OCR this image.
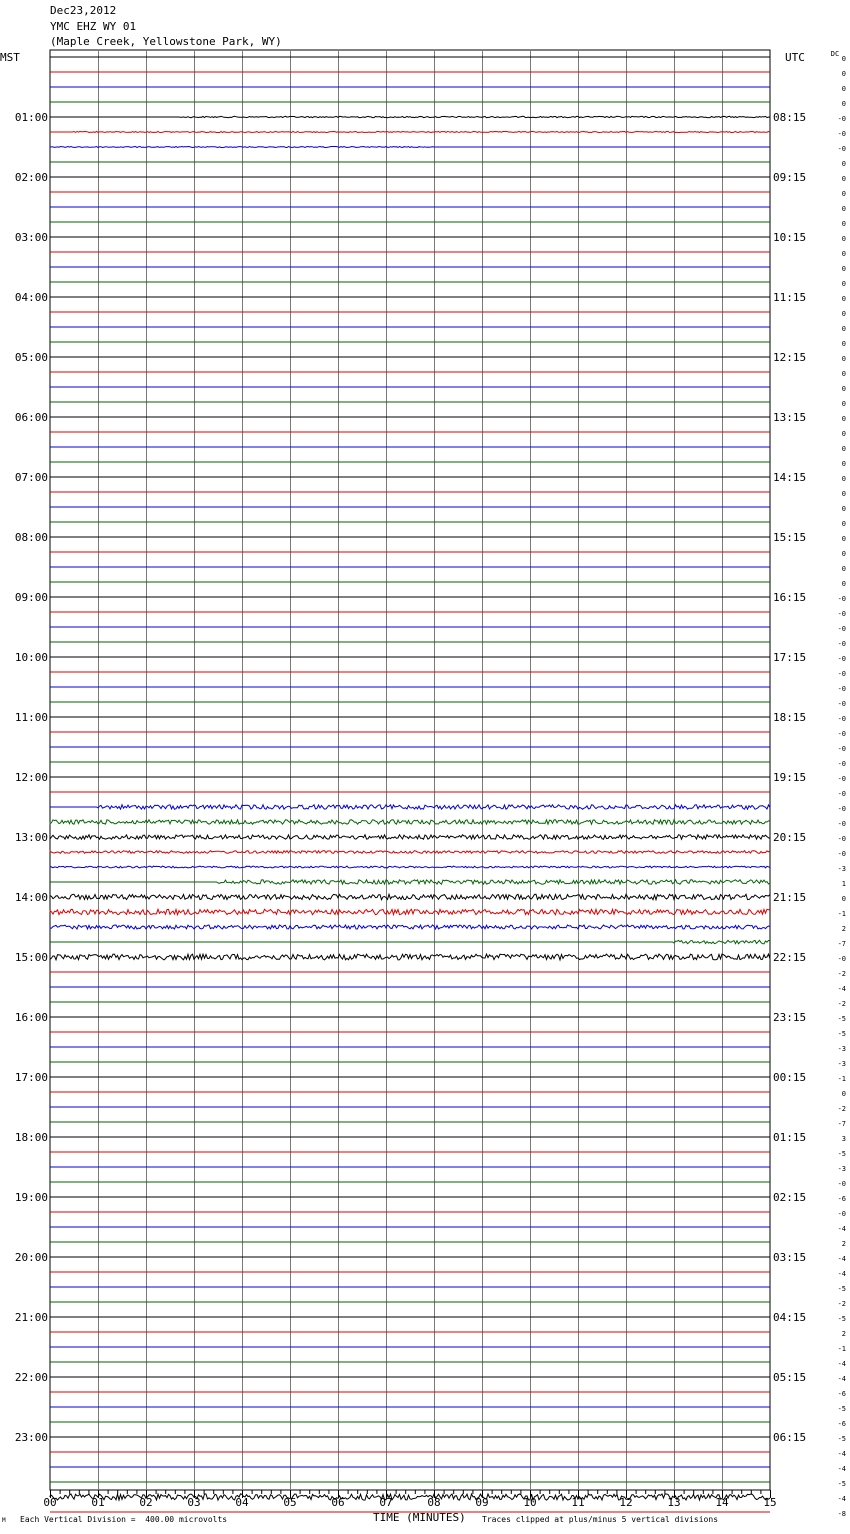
Dec23,2012
YMC EHZ WY 01
(Maple Creek, Yellowstone Park, WY)
01:00
02:00
03:00
04:00
05:00
06:00
07:00
08:00
09:00
10:00
11:00
12:00
13:00
14:00
15:00
16:00
17:00
18:00
19:00
20:00
21:00
22:00
23:00
08:15
09:15
10:15
11:15
12:15
13:15
14:15
15:15
16:15
17:15
18:15
19:15
20:15
21:15
22:15
23:15
00:15
01:15
02:15
03:15
04:15
05:15
06:15
MST	UTC	DC
0
0
0
0
-0
-0
-0
0
0
0
0
0
0
0
0
0
0
0
0
0
0
0
0
0
0
0
0
0
0
0
0
0
0
0
0
0
-0
-0
-0
-0
-0
-0
-0
-0
-0
-0
-0
-0
-0
-0
-0
-0
-0
-0
-3
1
0
-1
2
-7
-0
-2
-4
-2
-5
-5
-3
-3
-1
0
-2
-7
3
-5
-3
-0
-6
-0
-4
2
-4
-4
-5
-2
-5
2
-1
-4
-4
-6
-5
-6
-5
-4
-4
-5
-4
-8
00	01	02	03	04	05	06	07	08	09	10	11	12	13	14	15
M Each Vertical Division =  400.00 microvolts	TIME (MINUTES) Traces clipped at plus/minus 5 vertical divisions
